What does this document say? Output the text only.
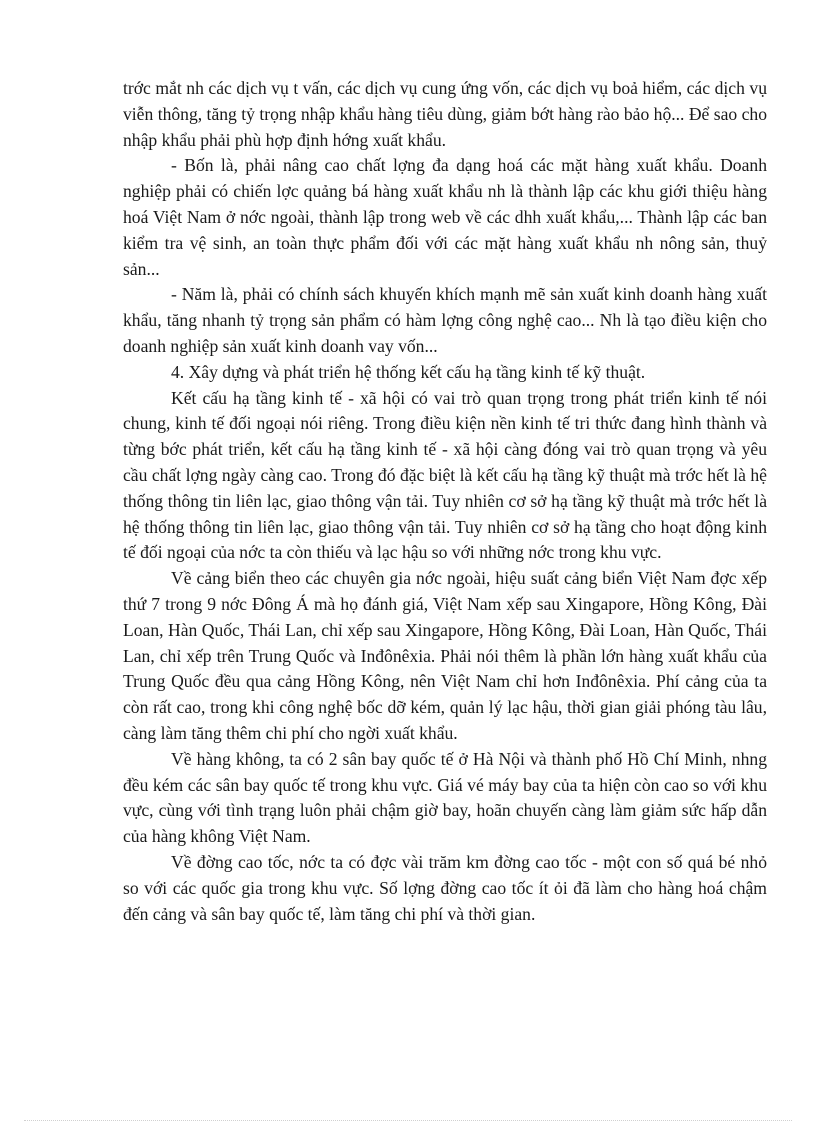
trớc mắt nh các dịch vụ t vấn, các dịch vụ cung ứng vốn, các dịch vụ boả hiểm, các dịch vụ viễn thông, tăng tỷ trọng nhập khẩu hàng tiêu dùng, giảm bớt hàng rào bảo hộ... Để sao cho nhập khẩu phải phù hợp định hớng xuất khẩu.

- Bốn là, phải nâng cao chất lợng đa dạng hoá các mặt hàng xuất khẩu. Doanh nghiệp phải có chiến lợc quảng bá hàng xuất khẩu nh là thành lập các khu giới thiệu hàng hoá Việt Nam ở nớc ngoài, thành lập trong web về các dhh xuất khẩu,... Thành lập các ban kiểm tra vệ sinh, an toàn thực phẩm đối với các mặt hàng xuất khẩu nh nông sản, thuỷ sản...

- Năm là, phải có chính sách khuyến khích mạnh mẽ sản xuất kinh doanh hàng xuất khẩu, tăng nhanh tỷ trọng sản phẩm có hàm lợng công nghệ cao... Nh là tạo điều kiện cho doanh nghiệp sản xuất kinh doanh vay vốn...

4. Xây dựng và phát triển hệ thống kết cấu hạ tầng kinh tế kỹ thuật.

Kết cấu hạ tầng kinh tế - xã hội có vai trò quan trọng trong phát triển kinh tế nói chung, kinh tế đối ngoại nói riêng. Trong điều kiện nền kinh tế tri thức đang hình thành và từng bớc phát triển, kết cấu hạ tầng kinh tế - xã hội càng đóng vai trò quan trọng và yêu cầu chất lợng ngày càng cao. Trong đó đặc biệt là kết cấu hạ tầng kỹ thuật mà trớc hết là hệ thống thông tin liên lạc, giao thông vận tải. Tuy nhiên cơ sở hạ tầng kỹ thuật mà trớc hết là hệ thống thông tin liên lạc, giao thông vận tải. Tuy nhiên cơ sở hạ tầng cho hoạt động kinh tế đối ngoại của nớc ta còn thiếu và lạc hậu so với những nớc trong khu vực.

Về cảng biển theo các chuyên gia nớc ngoài, hiệu suất cảng biển Việt Nam đợc xếp thứ 7 trong 9 nớc Đông Á mà họ đánh giá, Việt Nam xếp sau Xingapore, Hồng Kông, Đài Loan, Hàn Quốc, Thái Lan, chỉ xếp sau Xingapore, Hồng Kông, Đài Loan, Hàn Quốc, Thái Lan, chỉ xếp trên Trung Quốc và Inđônêxia. Phải nói thêm là phần lớn hàng xuất khẩu của Trung Quốc đều qua cảng Hồng Kông, nên Việt Nam chỉ hơn Inđônêxia. Phí cảng của ta còn rất cao, trong khi công nghệ bốc dỡ kém, quản lý lạc hậu, thời gian giải phóng tàu lâu, càng làm tăng thêm chi phí cho ngời xuất khẩu.

Về hàng không, ta có 2 sân bay quốc tế ở Hà Nội và thành phố Hồ Chí Minh, nhng đều kém các sân bay quốc tế trong khu vực. Giá vé máy bay của ta hiện còn cao so với khu vực, cùng với tình trạng luôn phải chậm giờ bay, hoãn chuyến càng làm giảm sức hấp dẫn của hàng không Việt Nam.

Về đờng cao tốc, nớc ta có đợc vài trăm km đờng cao tốc - một con số quá bé nhỏ so với các quốc gia trong khu vực. Số lợng đờng cao tốc ít ỏi đã làm cho hàng hoá chậm đến cảng và sân bay quốc tế, làm tăng chi phí và thời gian.
